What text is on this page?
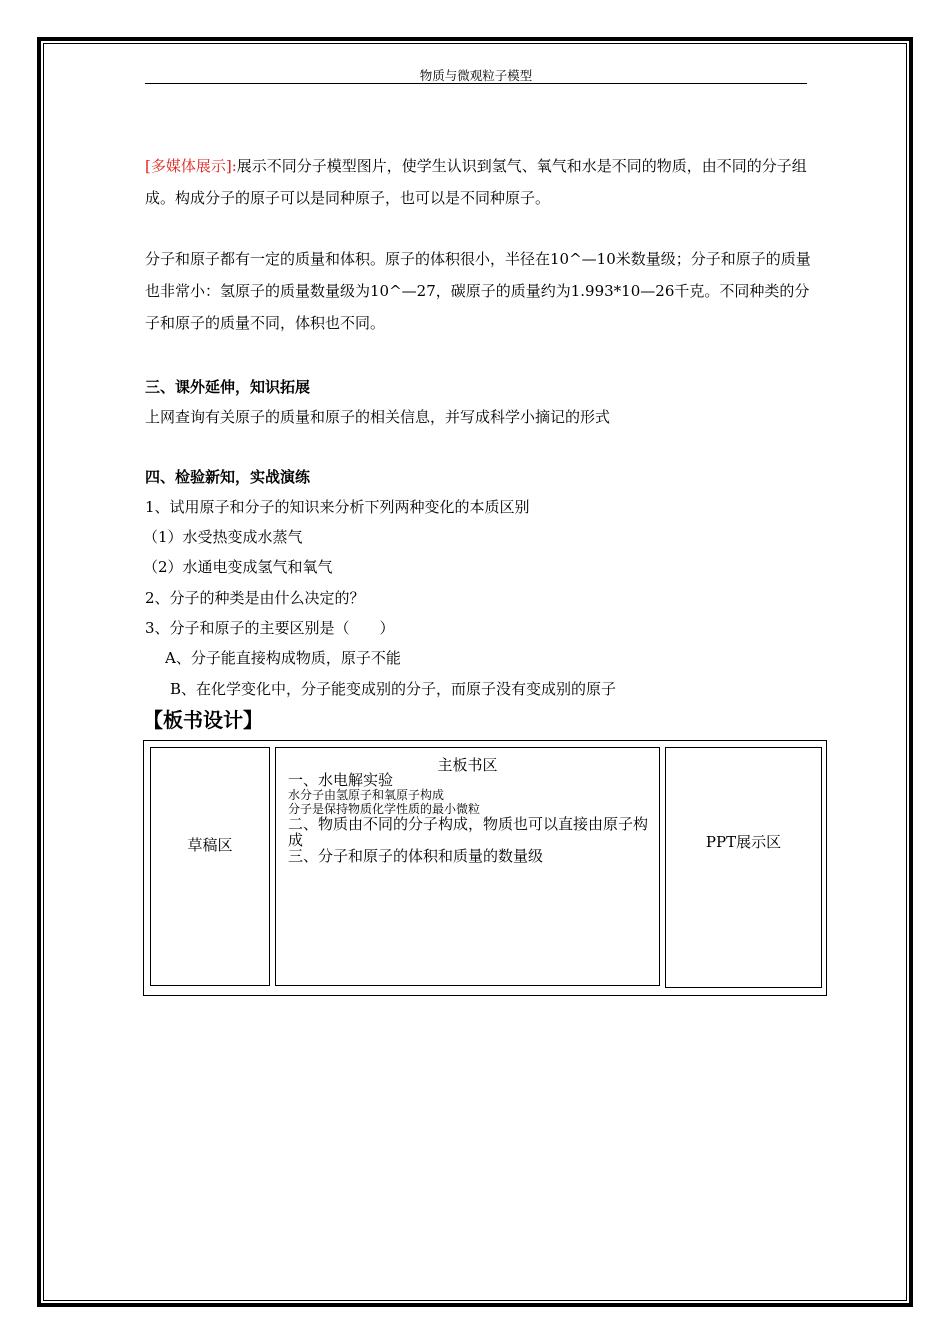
物质与微观粒子模型
[多媒体展示]:展示不同分子模型图片，使学生认识到氢气、氧气和水是不同的物质，由不同的分子组成。构成分子的原子可以是同种原子，也可以是不同种原子。
分子和原子都有一定的质量和体积。原子的体积很小，半径在10^—10米数量级；分子和原子的质量也非常小：氢原子的质量数量级为10^—27，碳原子的质量约为1.993*10—26千克。不同种类的分子和原子的质量不同，体积也不同。
三、课外延伸，知识拓展
上网查询有关原子的质量和原子的相关信息，并写成科学小摘记的形式
四、检验新知，实战演练
1、试用原子和分子的知识来分析下列两种变化的本质区别
（1）水受热变成水蒸气
（2）水通电变成氢气和氧气
2、分子的种类是由什么决定的？
3、分子和原子的主要区别是（　　）
A、分子能直接构成物质，原子不能
B、在化学变化中，分子能变成别的分子，而原子没有变成别的原子
【板书设计】
草稿区
主板书区
一、水电解实验
水分子由氢原子和氧原子构成
分子是保持物质化学性质的最小微粒
二、物质由不同的分子构成，物质也可以直接由原子构成
三、分子和原子的体积和质量的数量级
PPT展示区
